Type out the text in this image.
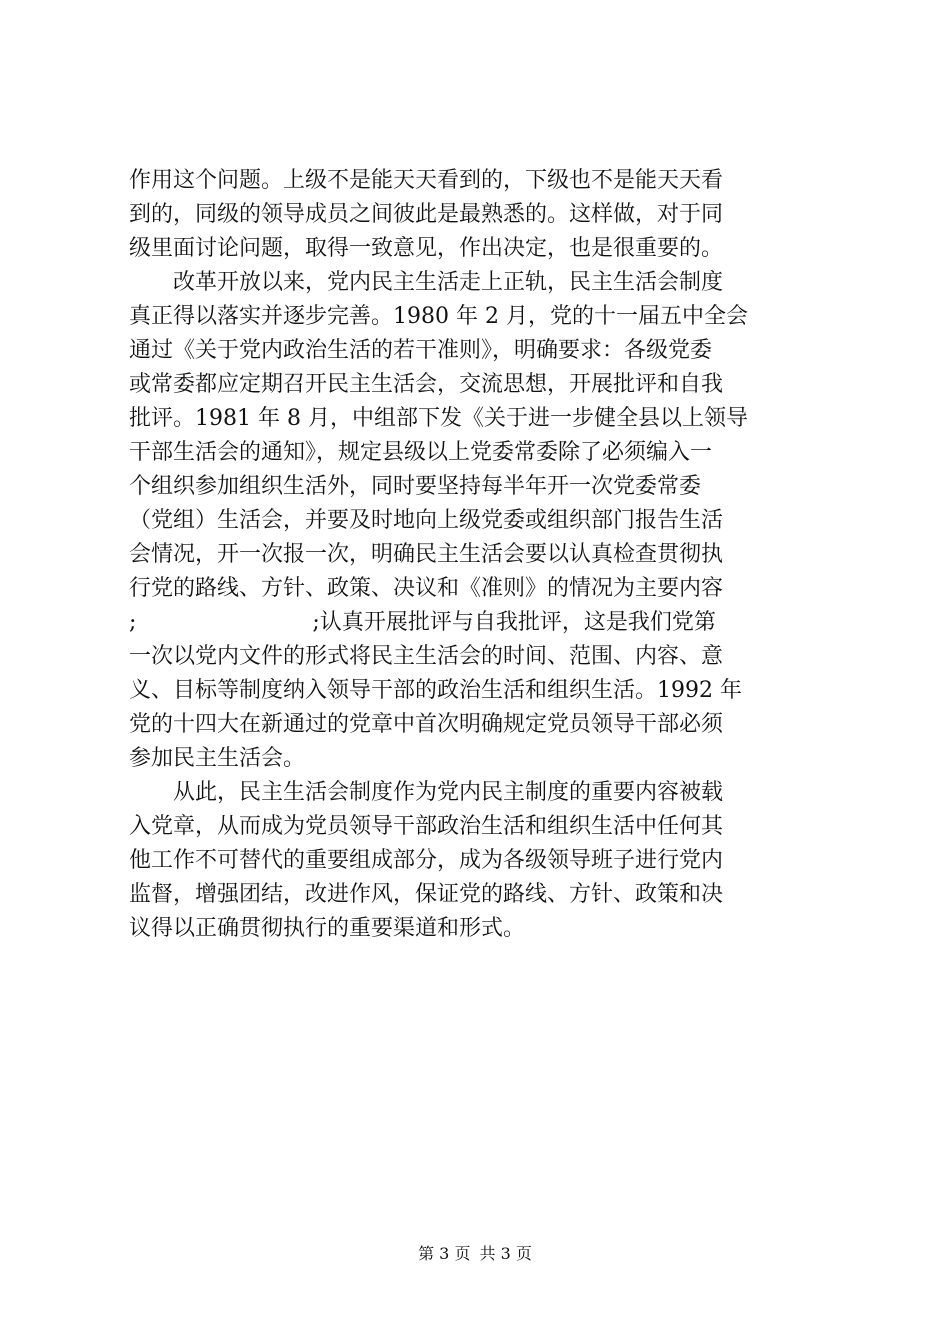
作用这个问题。上级不是能天天看到的，下级也不是能天天看
到的，同级的领导成员之间彼此是最熟悉的。这样做，对于同
级里面讨论问题，取得一致意见，作出决定，也是很重要的。
改革开放以来，党内民主生活走上正轨，民主生活会制度
真正得以落实并逐步完善。1980 年 2 月，党的十一届五中全会
通过《关于党内政治生活的若干准则》，明确要求：各级党委
或常委都应定期召开民主生活会，交流思想，开展批评和自我
批评。1981 年 8 月，中组部下发《关于进一步健全县以上领导
干部生活会的通知》，规定县级以上党委常委除了必须编入一
个组织参加组织生活外，同时要坚持每半年开一次党委常委
（党组）生活会，并要及时地向上级党委或组织部门报告生活
会情况，开一次报一次，明确民主生活会要以认真检查贯彻执
行党的路线、方针、政策、决议和《准则》的情况为主要内容
;　　　　　　　　;认真开展批评与自我批评，这是我们党第
一次以党内文件的形式将民主生活会的时间、范围、内容、意
义、目标等制度纳入领导干部的政治生活和组织生活。1992 年
党的十四大在新通过的党章中首次明确规定党员领导干部必须
参加民主生活会。
从此，民主生活会制度作为党内民主制度的重要内容被载
入党章，从而成为党员领导干部政治生活和组织生活中任何其
他工作不可替代的重要组成部分，成为各级领导班子进行党内
监督，增强团结，改进作风，保证党的路线、方针、政策和决
议得以正确贯彻执行的重要渠道和形式。
第 3 页 共 3 页
